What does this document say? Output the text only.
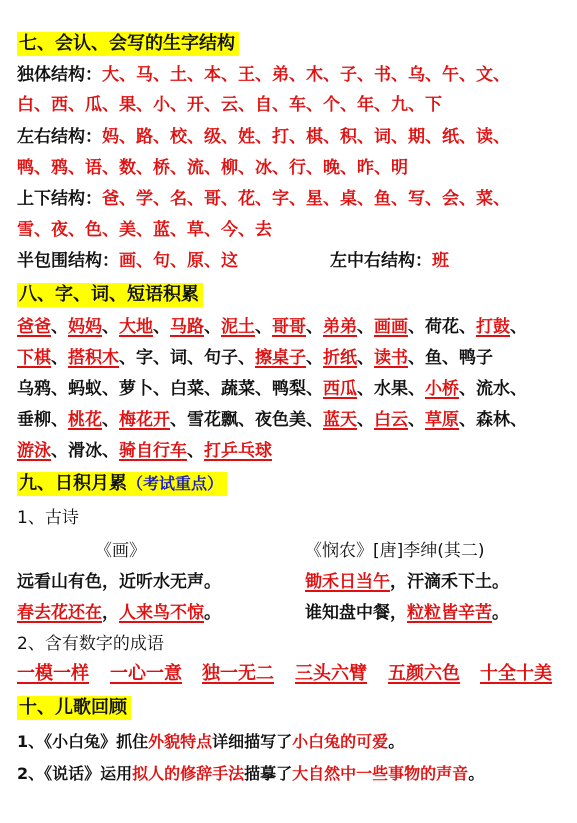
七、会认、会写的生字结构
独体结构：大、马、土、本、王、弟、木、子、书、乌、午、文、
白、西、瓜、果、小、开、云、自、车、个、年、九、下
左右结构：妈、路、校、级、姓、打、棋、积、词、期、纸、读、
鸭、鸦、语、数、桥、流、柳、冰、行、晚、昨、明
上下结构：爸、学、名、哥、花、字、星、桌、鱼、写、会、菜、
雪、夜、色、美、蓝、草、今、去
半包围结构：画、句、原、这	左中右结构：班
八、字、词、短语积累
爸爸、妈妈、大地、马路、泥土、哥哥、弟弟、画画、荷花、打鼓、
下棋、搭积木、字、词、句子、擦桌子、折纸、读书、鱼、鸭子
乌鸦、蚂蚁、萝卜、白菜、蔬菜、鸭梨、西瓜、水果、小桥、流水、
垂柳、桃花、梅花开、雪花飘、夜色美、蓝天、白云、草原、森林、
游泳、滑冰、骑自行车、打乒乓球
九、日积月累（考试重点）
1、古诗
《画》	《悯农》[唐]李绅(其二)
远看山有色，近听水无声。	锄禾日当午，汗滴禾下土。
春去花还在，人来鸟不惊。	谁知盘中餐，粒粒皆辛苦。
2、含有数字的成语
一模一样 一心一意 独一无二 三头六臂 五颜六色 十全十美
十、儿歌回顾
1、《小白兔》抓住外貌特点详细描写了小白兔的可爱。
2、《说话》运用拟人的修辞手法描摹了大自然中一些事物的声音。
